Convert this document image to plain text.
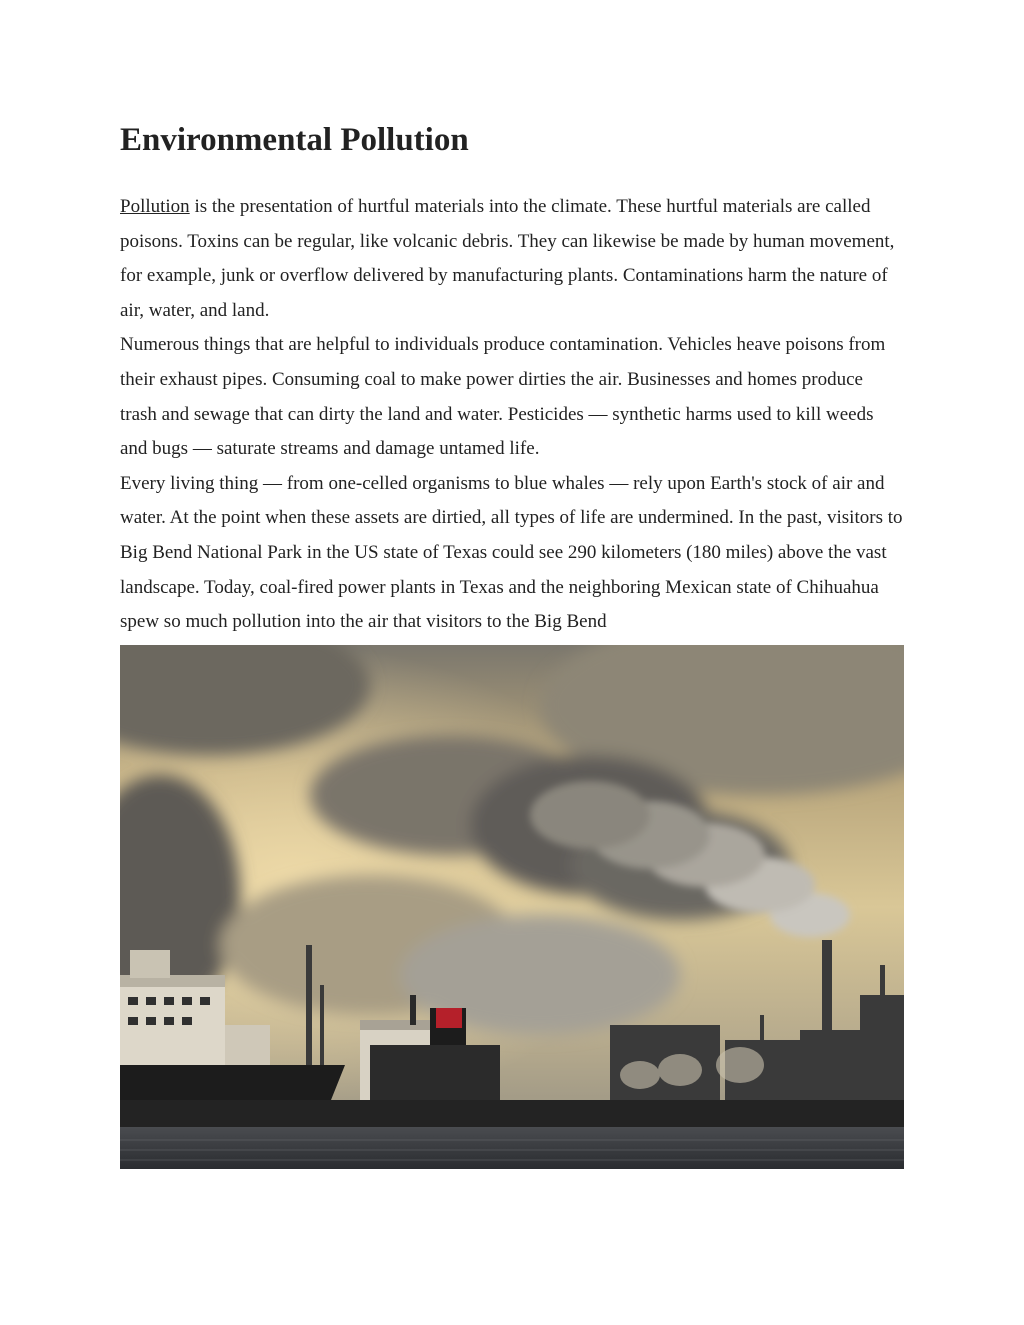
Environmental Pollution

Pollution is the presentation of hurtful materials into the climate. These hurtful materials are called poisons. Toxins can be regular, like volcanic debris. They can likewise be made by human movement, for example, junk or overflow delivered by manufacturing plants. Contaminations harm the nature of air, water, and land.

Numerous things that are helpful to individuals produce contamination. Vehicles heave poisons from their exhaust pipes. Consuming coal to make power dirties the air. Businesses and homes produce trash and sewage that can dirty the land and water. Pesticides — synthetic harms used to kill weeds and bugs — saturate streams and damage untamed life.

Every living thing — from one-celled organisms to blue whales — rely upon Earth's stock of air and water. At the point when these assets are dirtied, all types of life are undermined. In the past, visitors to Big Bend National Park in the US state of Texas could see 290 kilometers (180 miles) above the vast landscape. Today, coal-fired power plants in Texas and the neighboring Mexican state of Chihuahua spew so much pollution into the air that visitors to the Big Bend
